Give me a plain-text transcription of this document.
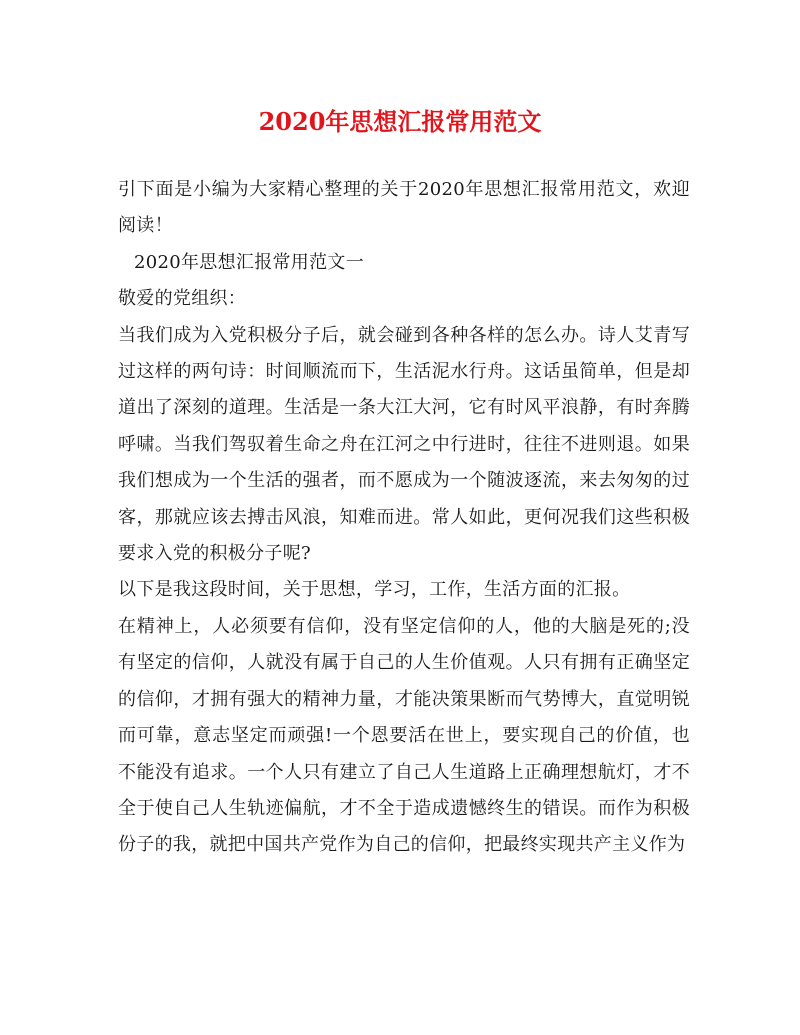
2020年思想汇报常用范文

引下面是小编为大家精心整理的关于2020年思想汇报常用范文，欢迎阅读！

2020年思想汇报常用范文一

敬爱的党组织：

当我们成为入党积极分子后，就会碰到各种各样的怎么办。诗人艾青写过这样的两句诗：时间顺流而下，生活泥水行舟。这话虽简单，但是却道出了深刻的道理。生活是一条大江大河，它有时风平浪静，有时奔腾呼啸。当我们驾驭着生命之舟在江河之中行进时，往往不进则退。如果我们想成为一个生活的强者，而不愿成为一个随波逐流，来去匆匆的过客，那就应该去搏击风浪，知难而进。常人如此，更何况我们这些积极要求入党的积极分子呢?

以下是我这段时间，关于思想，学习，工作，生活方面的汇报。

在精神上，人必须要有信仰，没有坚定信仰的人，他的大脑是死的;没有坚定的信仰，人就没有属于自己的人生价值观。人只有拥有正确坚定的信仰，才拥有强大的精神力量，才能决策果断而气势博大，直觉明锐而可靠，意志坚定而顽强!一个恩要活在世上，要实现自己的价值，也不能没有追求。一个人只有建立了自己人生道路上正确理想航灯，才不全于使自己人生轨迹偏航，才不全于造成遗憾终生的错误。而作为积极份子的我，就把中国共产党作为自己的信仰，把最终实现共产主义作为
